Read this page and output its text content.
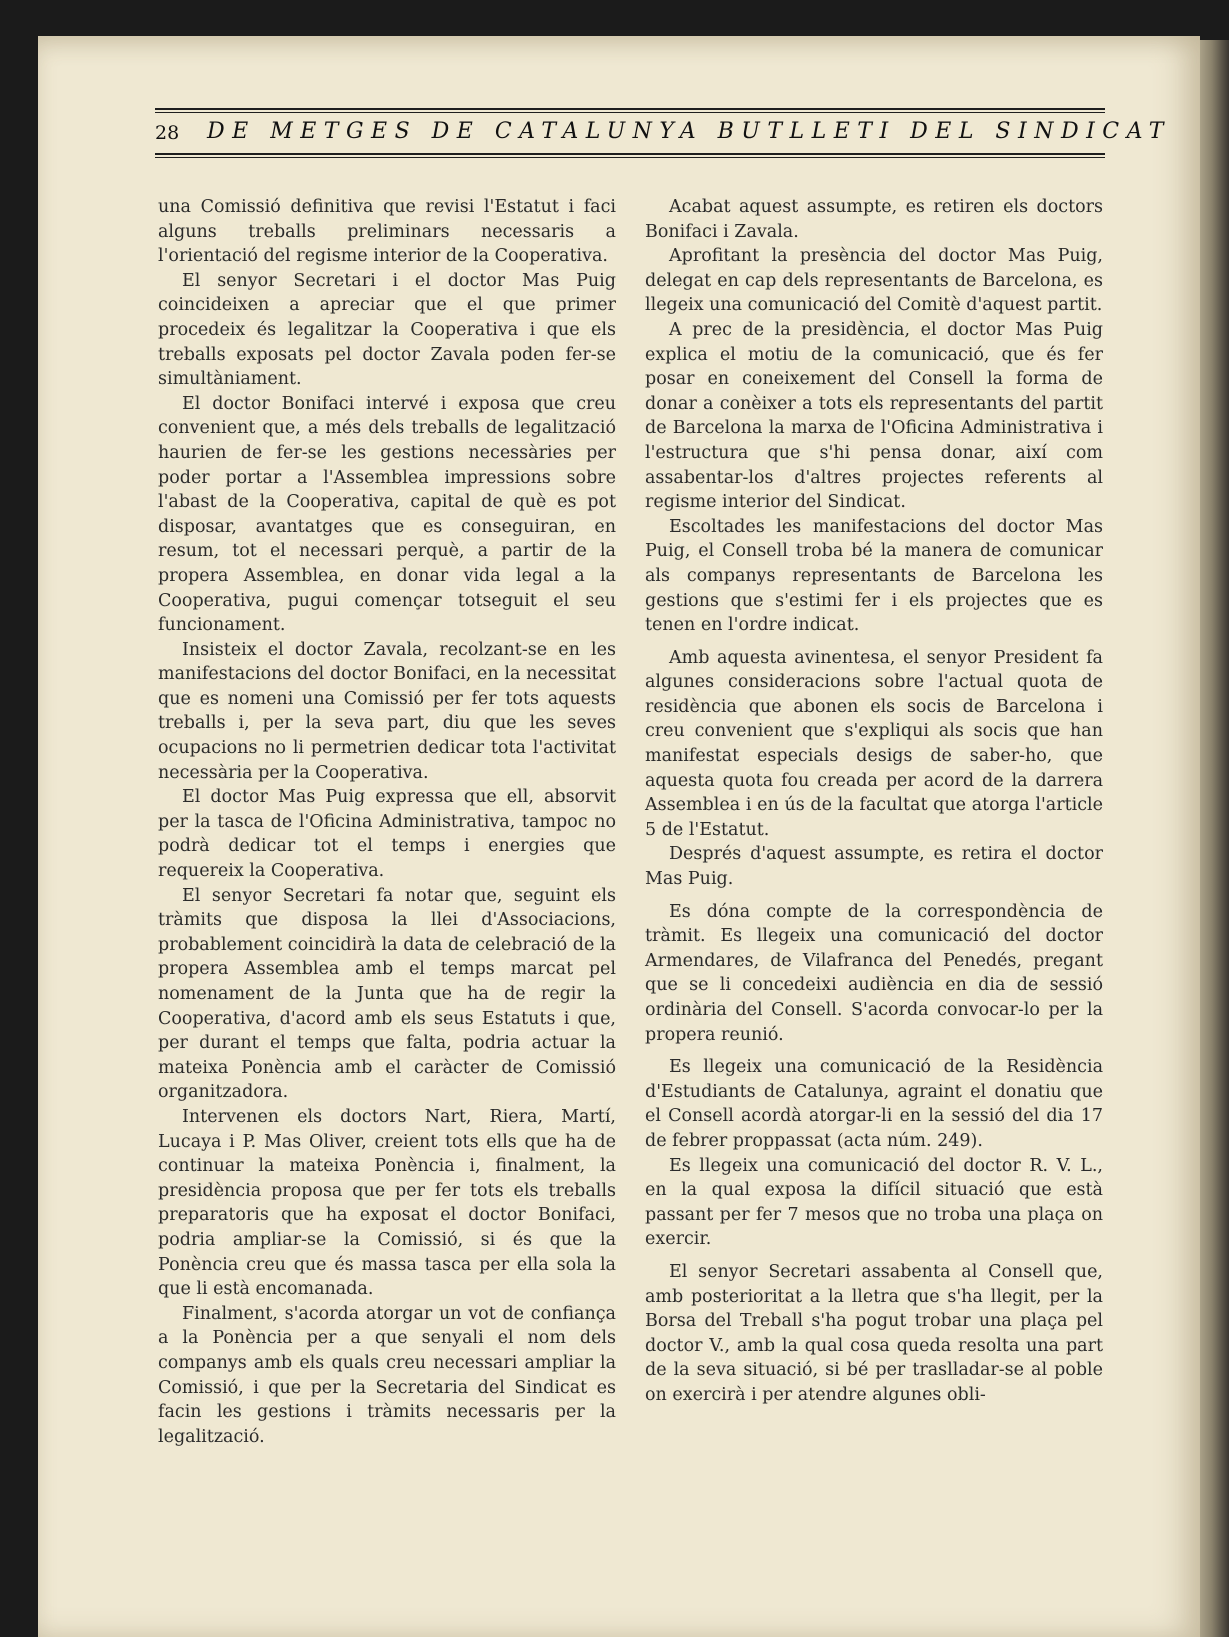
28 DE METGES DE CATALUNYA BUTLLETI DEL SINDICAT

una Comissió definitiva que revisi l'Estatut i faci alguns treballs preliminars necessaris a l'orientació del regisme interior de la Cooperativa.

El senyor Secretari i el doctor Mas Puig coincideixen a apreciar que el que primer procedeix és legalitzar la Cooperativa i que els treballs exposats pel doctor Zavala poden fer-se simultàniament.

El doctor Bonifaci intervé i exposa que creu convenient que, a més dels treballs de legalització haurien de fer-se les gestions necessàries per poder portar a l'Assemblea impressions sobre l'abast de la Cooperativa, capital de què es pot disposar, avantatges que es conseguiran, en resum, tot el necessari perquè, a partir de la propera Assemblea, en donar vida legal a la Cooperativa, pugui començar totseguit el seu funcionament.

Insisteix el doctor Zavala, recolzant-se en les manifestacions del doctor Bonifaci, en la necessitat que es nomeni una Comissió per fer tots aquests treballs i, per la seva part, diu que les seves ocupacions no li permetrien dedicar tota l'activitat necessària per la Cooperativa.

El doctor Mas Puig expressa que ell, absorvit per la tasca de l'Oficina Administrativa, tampoc no podrà dedicar tot el temps i energies que requereix la Cooperativa.

El senyor Secretari fa notar que, seguint els tràmits que disposa la llei d'Associacions, probablement coincidirà la data de celebració de la propera Assemblea amb el temps marcat pel nomenament de la Junta que ha de regir la Cooperativa, d'acord amb els seus Estatuts i que, per durant el temps que falta, podria actuar la mateixa Ponència amb el caràcter de Comissió organitzadora.

Intervenen els doctors Nart, Riera, Martí, Lucaya i P. Mas Oliver, creient tots ells que ha de continuar la mateixa Ponència i, finalment, la presidència proposa que per fer tots els treballs preparatoris que ha exposat el doctor Bonifaci, podria ampliar-se la Comissió, si és que la Ponència creu que és massa tasca per ella sola la que li està encomanada.

Finalment, s'acorda atorgar un vot de confiança a la Ponència per a que senyali el nom dels companys amb els quals creu necessari ampliar la Comissió, i que per la Secretaria del Sindicat es facin les gestions i tràmits necessaris per la legalització.

Acabat aquest assumpte, es retiren els doctors Bonifaci i Zavala.

Aprofitant la presència del doctor Mas Puig, delegat en cap dels representants de Barcelona, es llegeix una comunicació del Comitè d'aquest partit.

A prec de la presidència, el doctor Mas Puig explica el motiu de la comunicació, que és fer posar en coneixement del Consell la forma de donar a conèixer a tots els representants del partit de Barcelona la marxa de l'Oficina Administrativa i l'estructura que s'hi pensa donar, així com assabentar-los d'altres projectes referents al regisme interior del Sindicat.

Escoltades les manifestacions del doctor Mas Puig, el Consell troba bé la manera de comunicar als companys representants de Barcelona les gestions que s'estimi fer i els projectes que es tenen en l'ordre indicat.

Amb aquesta avinentesa, el senyor President fa algunes consideracions sobre l'actual quota de residència que abonen els socis de Barcelona i creu convenient que s'expliqui als socis que han manifestat especials desigs de saber-ho, que aquesta quota fou creada per acord de la darrera Assemblea i en ús de la facultat que atorga l'article 5 de l'Estatut.

Després d'aquest assumpte, es retira el doctor Mas Puig.

Es dóna compte de la correspondència de tràmit. Es llegeix una comunicació del doctor Armendares, de Vilafranca del Penedés, pregant que se li concedeixi audiència en dia de sessió ordinària del Consell. S'acorda convocar-lo per la propera reunió.

Es llegeix una comunicació de la Residència d'Estudiants de Catalunya, agraint el donatiu que el Consell acordà atorgar-li en la sessió del dia 17 de febrer proppassat (acta núm. 249).

Es llegeix una comunicació del doctor R. V. L., en la qual exposa la difícil situació que està passant per fer 7 mesos que no troba una plaça on exercir.

El senyor Secretari assabenta al Consell que, amb posterioritat a la lletra que s'ha llegit, per la Borsa del Treball s'ha pogut trobar una plaça pel doctor V., amb la qual cosa queda resolta una part de la seva situació, si bé per traslladar-se al poble on exercirà i per atendre algunes obli-
